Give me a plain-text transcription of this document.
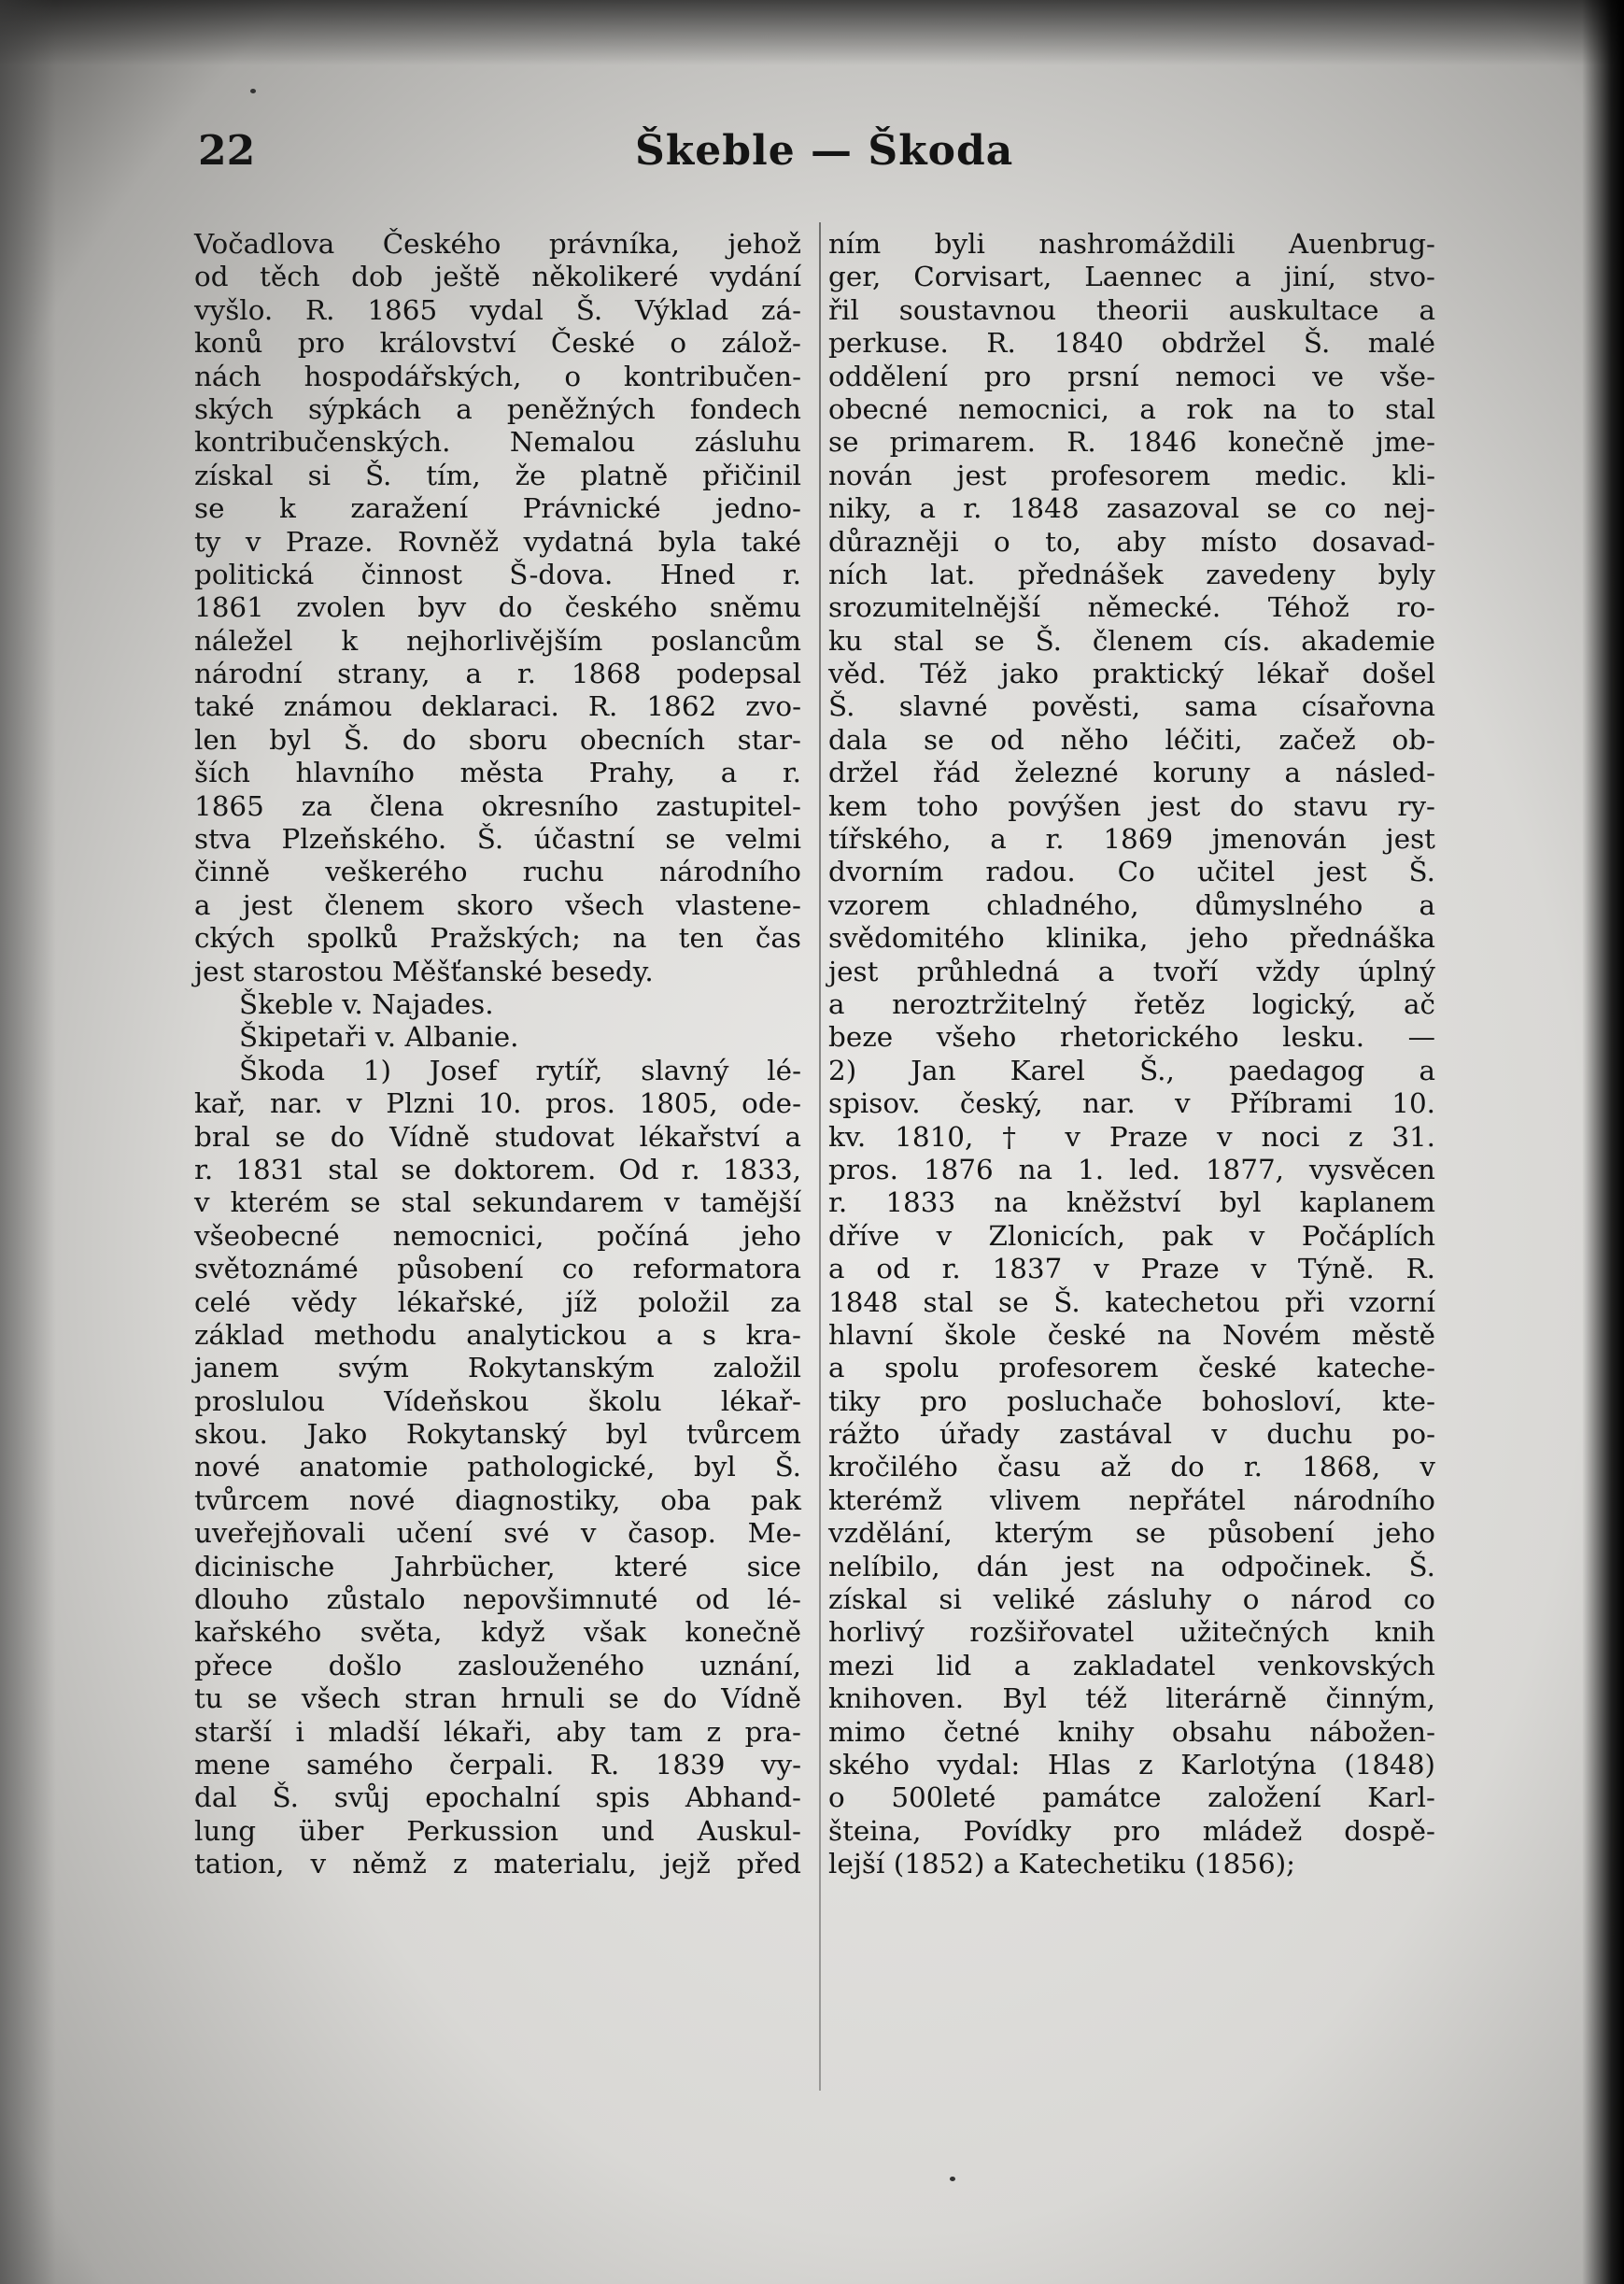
22	Škeble — Škoda
Vočadlova Českého právníka, jehož
od těch dob ještě několikeré vydání
vyšlo. R. 1865 vydal Š. Výklad zá-
konů pro království České o zálož-
nách hospodářských, o kontribučen-
ských sýpkách a peněžných fondech
kontribučenských. Nemalou zásluhu
získal si Š. tím, že platně přičinil
se k zaražení Právnické jedno-
ty v Praze. Rovněž vydatná byla také
politická činnost Š-dova. Hned r.
1861 zvolen byv do českého sněmu
náležel k nejhorlivějším poslancům
národní strany, a r. 1868 podepsal
také známou deklaraci. R. 1862 zvo-
len byl Š. do sboru obecních star-
ších hlavního města Prahy, a r.
1865 za člena okresního zastupitel-
stva Plzeňského. Š. účastní se velmi
činně veškerého ruchu národního
a jest členem skoro všech vlastene-
ckých spolků Pražských; na ten čas
jest starostou Měšťanské besedy.
Škeble v. Najades.
Škipetaři v. Albanie.
Škoda 1) Josef rytíř, slavný lé-
kař, nar. v Plzni 10. pros. 1805, ode-
bral se do Vídně studovat lékařství a
r. 1831 stal se doktorem. Od r. 1833,
v kterém se stal sekundarem v tamější
všeobecné nemocnici, počíná jeho
světoznámé působení co reformatora
celé vědy lékařské, jíž položil za
základ methodu analytickou a s kra-
janem svým Rokytanským založil
proslulou Vídeňskou školu lékař-
skou. Jako Rokytanský byl tvůrcem
nové anatomie pathologické, byl Š.
tvůrcem nové diagnostiky, oba pak
uveřejňovali učení své v časop. Me-
dicinische Jahrbücher, které sice
dlouho zůstalo nepovšimnuté od lé-
kařského světa, když však konečně
přece došlo zaslouženého uznání,
tu se všech stran hrnuli se do Vídně
starší i mladší lékaři, aby tam z pra-
mene samého čerpali. R. 1839 vy-
dal Š. svůj epochalní spis Abhand-
lung über Perkussion und Auskul-
tation, v němž z materialu, jejž před
ním byli nashromáždili Auenbrug-
ger, Corvisart, Laennec a jiní, stvo-
řil soustavnou theorii auskultace a
perkuse. R. 1840 obdržel Š. malé
oddělení pro prsní nemoci ve vše-
obecné nemocnici, a rok na to stal
se primarem. R. 1846 konečně jme-
nován jest profesorem medic. kli-
niky, a r. 1848 zasazoval se co nej-
důrazněji o to, aby místo dosavad-
ních lat. přednášek zavedeny byly
srozumitelnější německé. Téhož ro-
ku stal se Š. členem cís. akademie
věd. Též jako praktický lékař došel
Š. slavné pověsti, sama císařovna
dala se od něho léčiti, začež ob-
držel řád železné koruny a násled-
kem toho povýšen jest do stavu ry-
tířského, a r. 1869 jmenován jest
dvorním radou. Co učitel jest Š.
vzorem chladného, důmyslného a
svědomitého klinika, jeho přednáška
jest průhledná a tvoří vždy úplný
a neroztržitelný řetěz logický, ač
beze všeho rhetorického lesku. —
2) Jan Karel Š., paedagog a
spisov. český, nar. v Příbrami 10.
kv. 1810, † v Praze v noci z 31.
pros. 1876 na 1. led. 1877, vysvěcen
r. 1833 na kněžství byl kaplanem
dříve v Zlonicích, pak v Počáplích
a od r. 1837 v Praze v Týně. R.
1848 stal se Š. katechetou při vzorní
hlavní škole české na Novém městě
a spolu profesorem české kateche-
tiky pro posluchače bohosloví, kte-
rážto úřady zastával v duchu po-
kročilého času až do r. 1868, v
kterémž vlivem nepřátel národního
vzdělání, kterým se působení jeho
nelíbilo, dán jest na odpočinek. Š.
získal si veliké zásluhy o národ co
horlivý rozšiřovatel užitečných knih
mezi lid a zakladatel venkovských
knihoven. Byl též literárně činným,
mimo četné knihy obsahu nábožen-
ského vydal: Hlas z Karlotýna (1848)
o 500leté památce založení Karl-
šteina, Povídky pro mládež dospě-
lejší (1852) a Katechetiku (1856);
